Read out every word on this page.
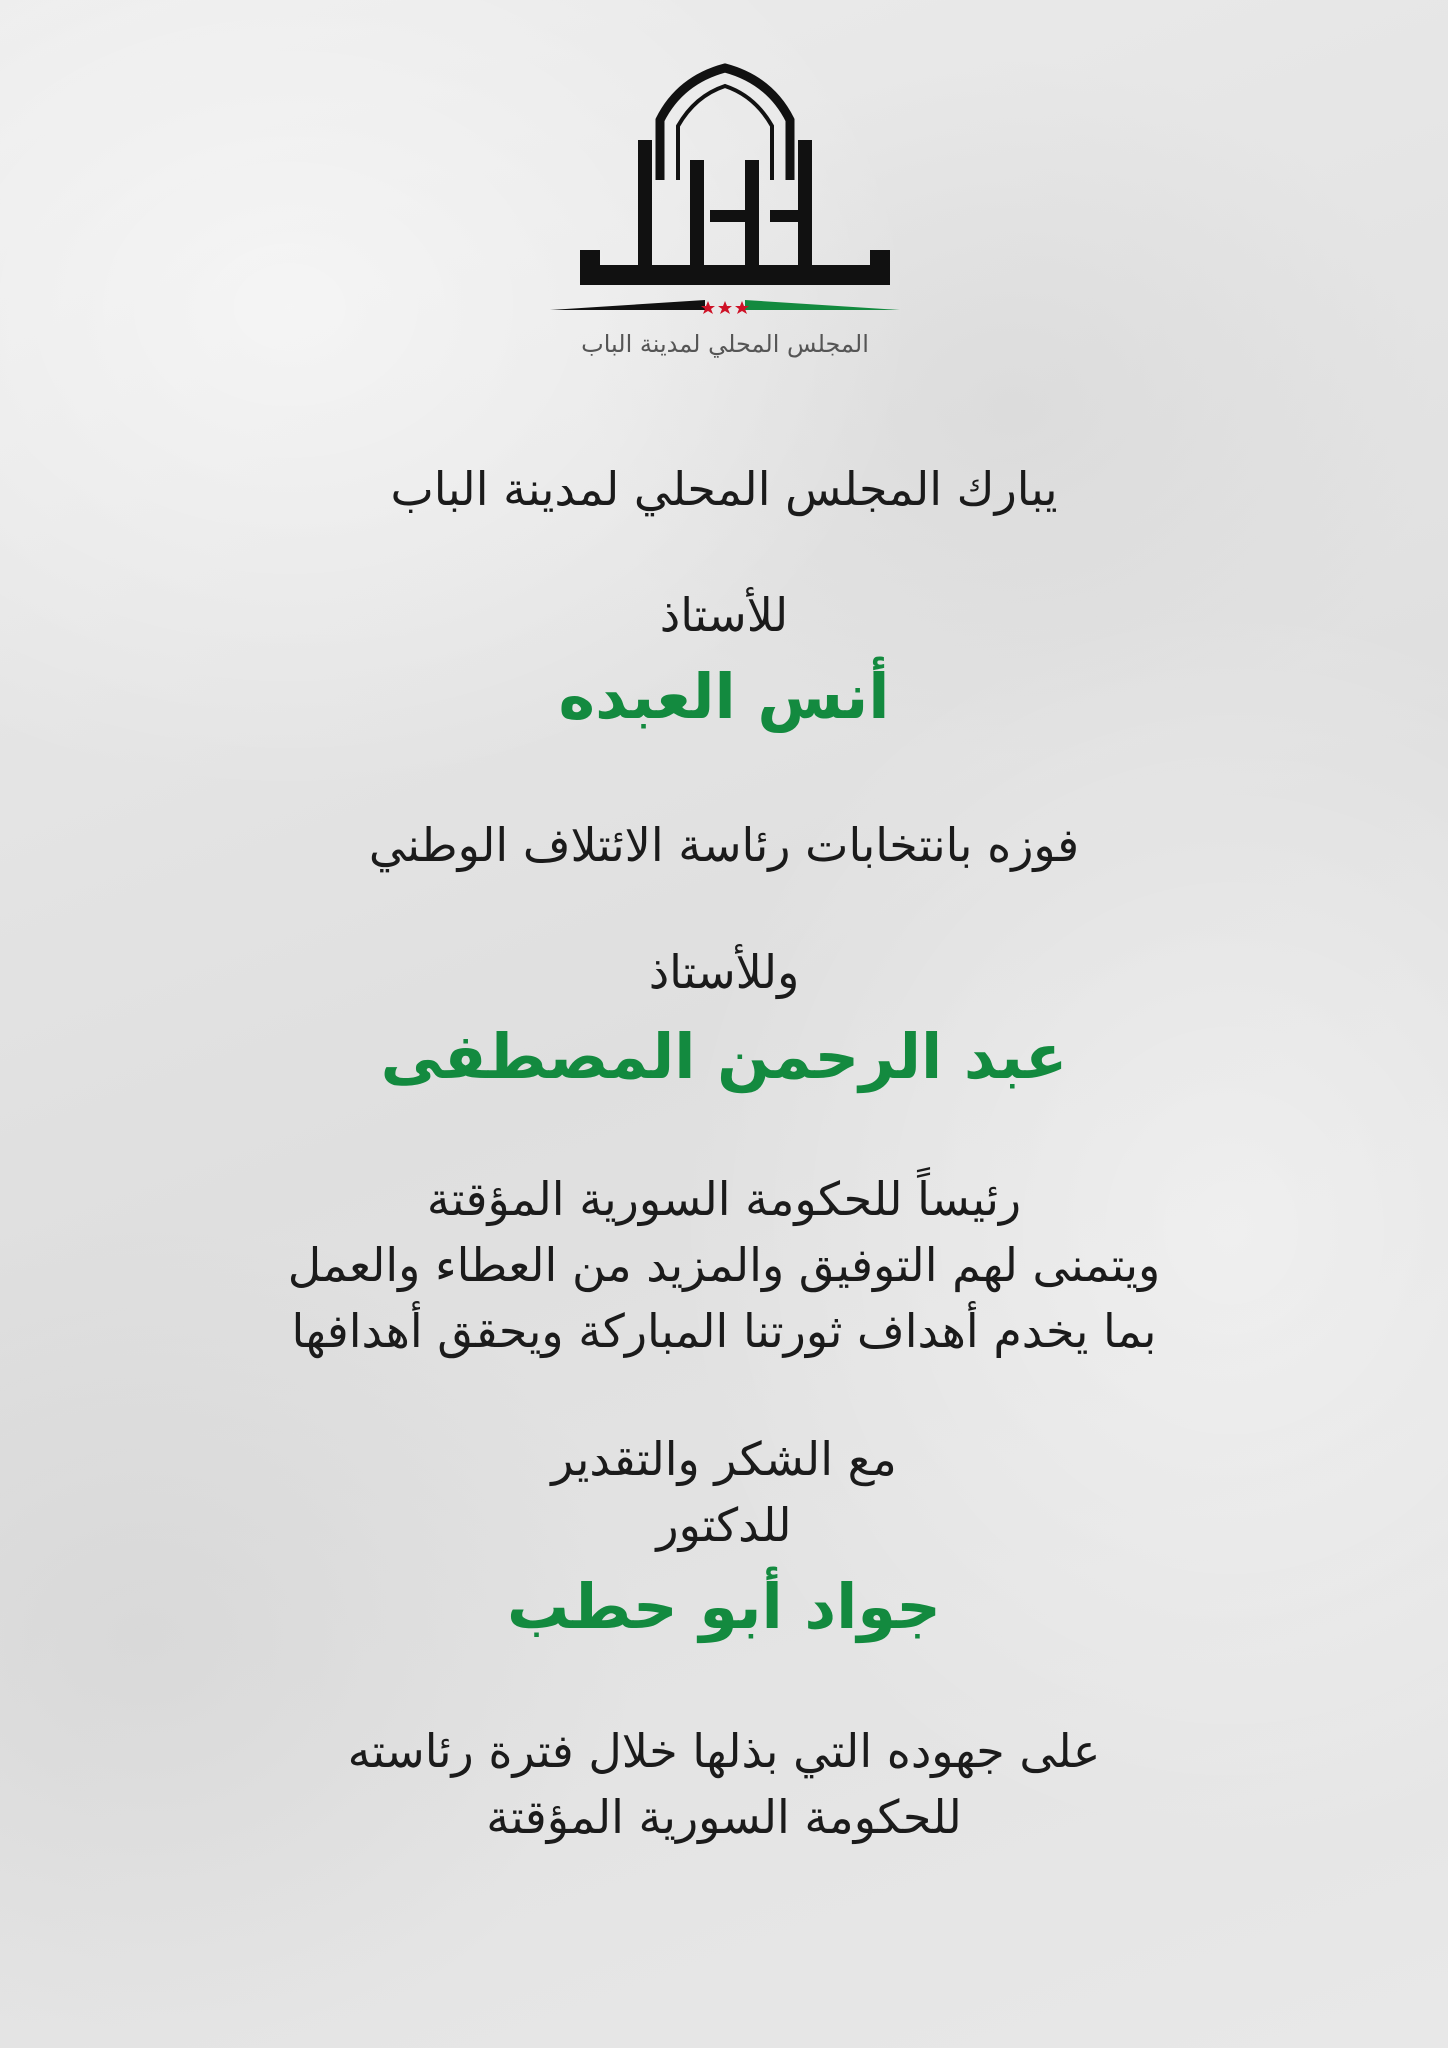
المجلس المحلي لمدينة الباب
يبارك المجلس المحلي لمدينة الباب
للأستاذ
أنس العبده
فوزه بانتخابات رئاسة الائتلاف الوطني
وللأستاذ
عبد الرحمن المصطفى
رئيساً للحكومة السورية المؤقتة
ويتمنى لهم التوفيق والمزيد من العطاء والعمل
بما يخدم أهداف ثورتنا المباركة ويحقق أهدافها
مع الشكر والتقدير
للدكتور
جواد أبو حطب
على جهوده التي بذلها خلال فترة رئاسته
للحكومة السورية المؤقتة
